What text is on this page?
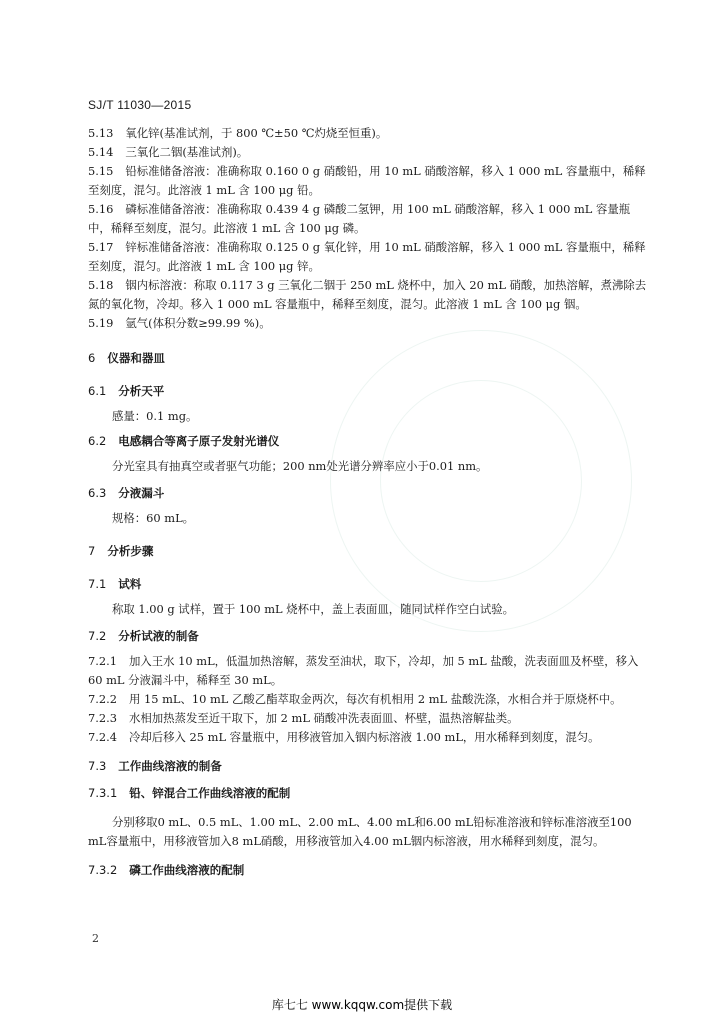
SJ/T 11030—2015

5.13 氧化锌(基准试剂，于 800 ℃±50 ℃灼烧至恒重)。

5.14 三氧化二铟(基准试剂)。

5.15 铅标准储备溶液：准确称取 0.160 0 g 硝酸铅，用 10 mL 硝酸溶解，移入 1 000 mL 容量瓶中，稀释至刻度，混匀。此溶液 1 mL 含 100 μg 铅。

5.16 磷标准储备溶液：准确称取 0.439 4 g 磷酸二氢钾，用 100 mL 硝酸溶解，移入 1 000 mL 容量瓶中，稀释至刻度，混匀。此溶液 1 mL 含 100 μg 磷。

5.17 锌标准储备溶液：准确称取 0.125 0 g 氧化锌，用 10 mL 硝酸溶解，移入 1 000 mL 容量瓶中，稀释至刻度，混匀。此溶液 1 mL 含 100 μg 锌。

5.18 铟内标溶液：称取 0.117 3 g 三氧化二铟于 250 mL 烧杯中，加入 20 mL 硝酸，加热溶解，煮沸除去氮的氧化物，冷却。移入 1 000 mL 容量瓶中，稀释至刻度，混匀。此溶液 1 mL 含 100 μg 铟。

5.19 氩气(体积分数≥99.99 %)。

6 仪器和器皿

6.1 分析天平

感量：0.1 mg。

6.2 电感耦合等离子原子发射光谱仪

分光室具有抽真空或者驱气功能；200 nm处光谱分辨率应小于0.01 nm。

6.3 分液漏斗

规格：60 mL。

7 分析步骤

7.1 试料

称取 1.00 g 试样，置于 100 mL 烧杯中，盖上表面皿，随同试样作空白试验。

7.2 分析试液的制备

7.2.1 加入王水 10 mL，低温加热溶解，蒸发至油状，取下，冷却，加 5 mL 盐酸，洗表面皿及杯壁，移入 60 mL 分液漏斗中，稀释至 30 mL。

7.2.2 用 15 mL、10 mL 乙酸乙酯萃取金两次，每次有机相用 2 mL 盐酸洗涤，水相合并于原烧杯中。

7.2.3 水相加热蒸发至近干取下，加 2 mL 硝酸冲洗表面皿、杯壁，温热溶解盐类。

7.2.4 冷却后移入 25 mL 容量瓶中，用移液管加入铟内标溶液 1.00 mL，用水稀释到刻度，混匀。

7.3 工作曲线溶液的制备

7.3.1 铅、锌混合工作曲线溶液的配制

分别移取0 mL、0.5 mL、1.00 mL、2.00 mL、4.00 mL和6.00 mL铅标准溶液和锌标准溶液至100 mL容量瓶中，用移液管加入8 mL硝酸，用移液管加入4.00 mL铟内标溶液，用水稀释到刻度，混匀。

7.3.2 磷工作曲线溶液的配制

2
库七七 www.kqqw.com提供下载
